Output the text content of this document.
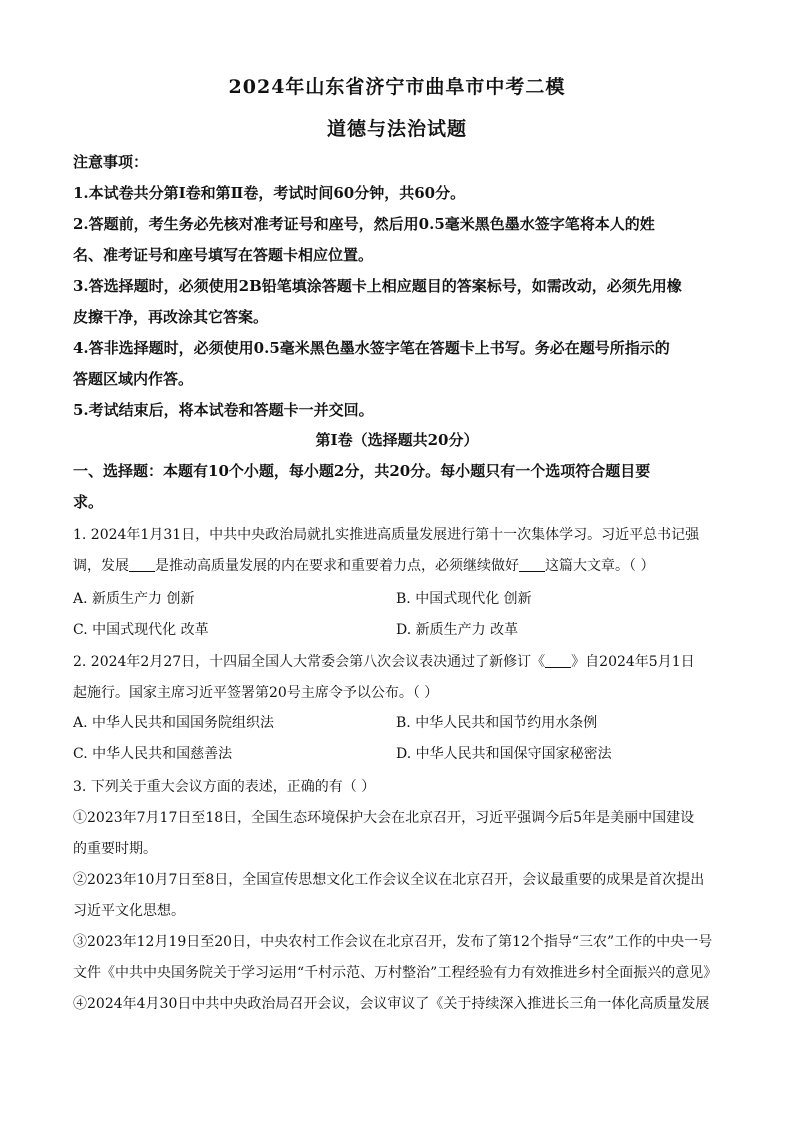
2024年山东省济宁市曲阜市中考二模
道德与法治试题
注意事项：
1.本试卷共分第Ⅰ卷和第Ⅱ卷，考试时间60分钟，共60分。
2.答题前，考生务必先核对准考证号和座号，然后用0.5毫米黑色墨水签字笔将本人的姓
名、准考证号和座号填写在答题卡相应位置。
3.答选择题时，必须使用2B铅笔填涂答题卡上相应题目的答案标号，如需改动，必须先用橡
皮擦干净，再改涂其它答案。
4.答非选择题时，必须使用0.5毫米黑色墨水签字笔在答题卡上书写。务必在题号所指示的
答题区域内作答。
5.考试结束后，将本试卷和答题卡一并交回。
第Ⅰ卷（选择题共20分）
一、选择题：本题有10个小题，每小题2分，共20分。每小题只有一个选项符合题目要
求。
1. 2024年1月31日，中共中央政治局就扎实推进高质量发展进行第十一次集体学习。习近平总书记强
调，发展 是推动高质量发展的内在要求和重要着力点，必须继续做好 这篇大文章。（ ）
A. 新质生产力 创新	B. 中国式现代化 创新
C. 中国式现代化 改革	D. 新质生产力 改革
2. 2024年2月27日，十四届全国人大常委会第八次会议表决通过了新修订《 》自2024年5月1日
起施行。国家主席习近平签署第20号主席令予以公布。（ ）
A. 中华人民共和国国务院组织法	B. 中华人民共和国节约用水条例
C. 中华人民共和国慈善法	D. 中华人民共和国保守国家秘密法
3. 下列关于重大会议方面的表述，正确的有（ ）
①2023年7月17日至18日，全国生态环境保护大会在北京召开，习近平强调今后5年是美丽中国建设
的重要时期。
②2023年10月7日至8日，全国宣传思想文化工作会议全议在北京召开，会议最重要的成果是首次提出
习近平文化思想。
③2023年12月19日至20日，中央农村工作会议在北京召开，发布了第12个指导“三农”工作的中央一号
文件《中共中央国务院关于学习运用“千村示范、万村整治”工程经验有力有效推进乡村全面振兴的意见》
④2024年4月30日中共中央政治局召开会议，会议审议了《关于持续深入推进长三角一体化高质量发展
